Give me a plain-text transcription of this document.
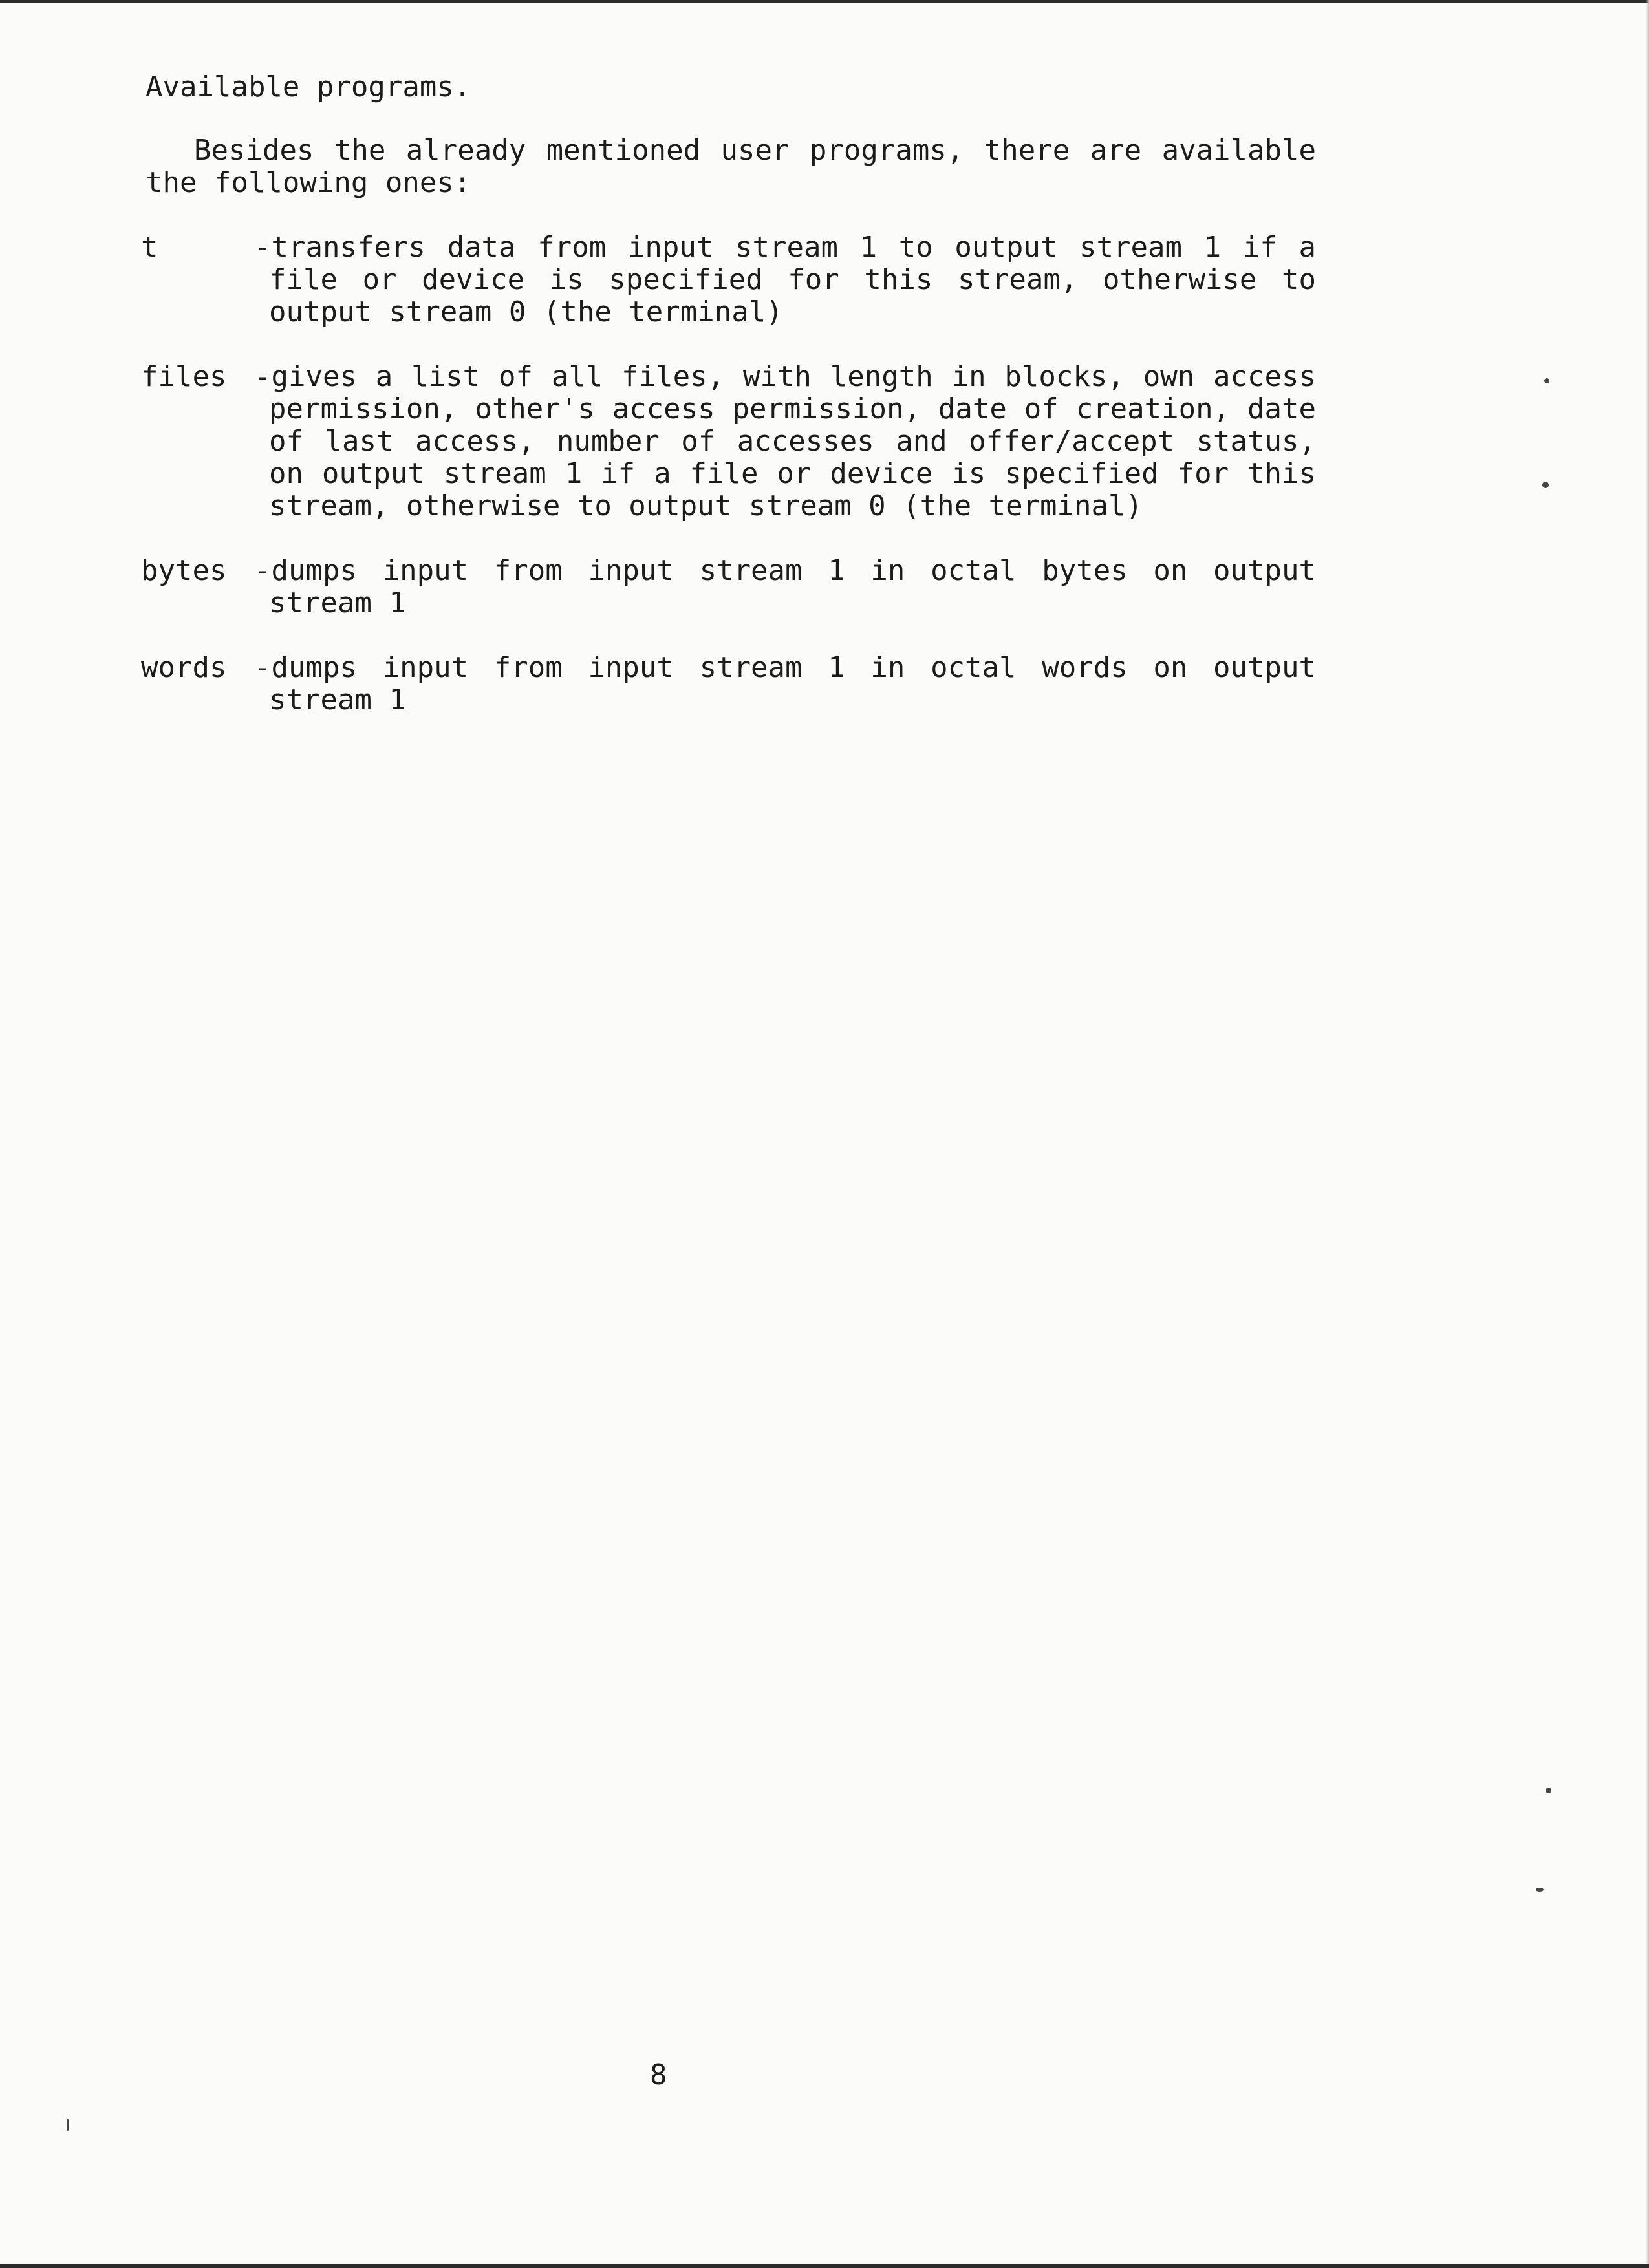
Available programs.
Besides the already mentioned user programs, there are available the following ones:
t	-transfers data from input stream 1 to output stream 1 if a file or device is specified for this stream, otherwise to output stream 0 (the terminal)
files -gives a list of all files, with length in blocks, own access permission, other's access permission, date of creation, date of last access, number of accesses and offer/accept status, on output stream 1 if a file or device is specified for this stream, otherwise to output stream 0 (the terminal)
bytes -dumps input from input stream 1 in octal bytes on output stream 1
words -dumps input from input stream 1 in octal words on output stream 1
8
